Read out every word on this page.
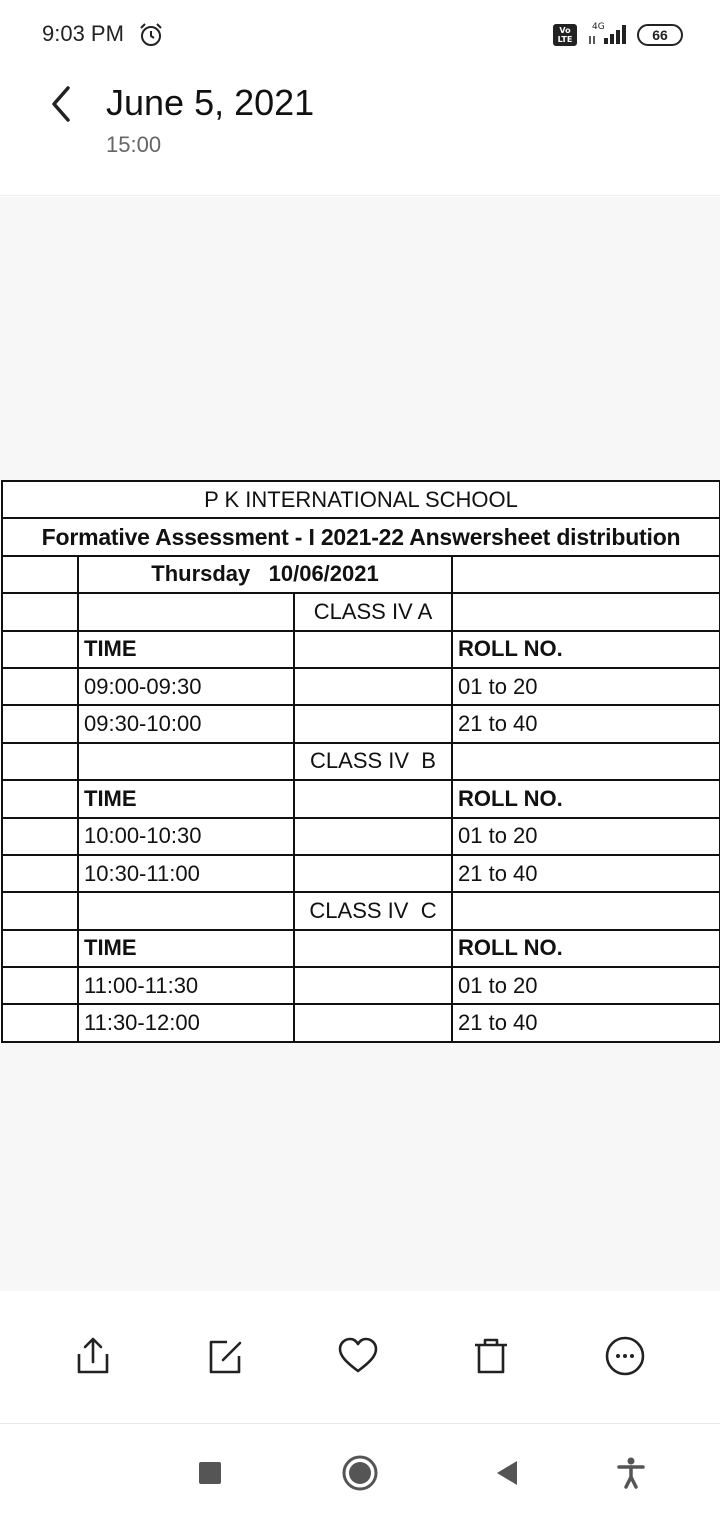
9:03 PM	Vo LTE
4G	66
June 5, 2021
15:00
P K INTERNATIONAL SCHOOL			
Formative Assessment - I 2021-22 Answersheet distribution			
	Thursday 10/06/2021		
		CLASS IV A	
	TIME		ROLL NO.
	09:00-09:30		01 to 20
	09:30-10:00		21 to 40
		CLASS IV  B	
	TIME		ROLL NO.
	10:00-10:30		01 to 20
	10:30-11:00		21 to 40
		CLASS IV  C	
	TIME		ROLL NO.
	11:00-11:30		01 to 20
	11:30-12:00		21 to 40
